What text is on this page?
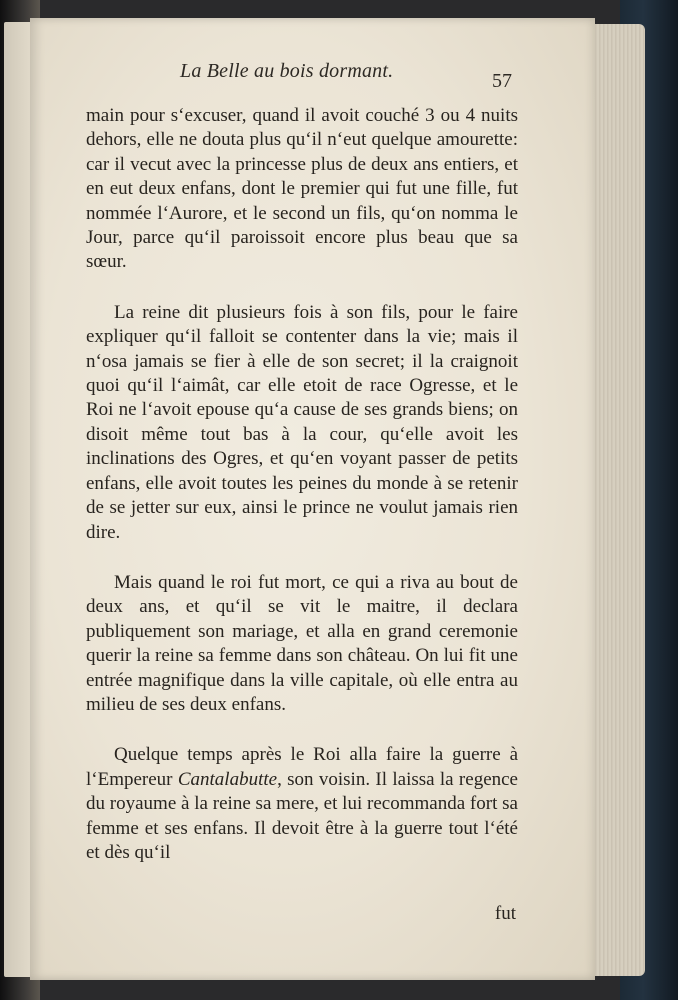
La Belle au bois dormant.	57

main pour s‘excuser, quand il avoit couché 3 ou 4 nuits dehors, elle ne douta plus qu‘il n‘eut quelque amourette: car il vecut avec la princesse plus de deux ans entiers, et en eut deux enfans, dont le premier qui fut une fille, fut nommée l‘Aurore, et le second un fils, qu‘on nomma le Jour, parce qu‘il paroissoit encore plus beau que sa sœur.

La reine dit plusieurs fois à son fils, pour le faire expliquer qu‘il falloit se contenter dans la vie; mais il n‘osa jamais se fier à elle de son secret; il la craignoit quoi qu‘il l‘aimât, car elle etoit de race Ogresse, et le Roi ne l‘avoit epouse qu‘a cause de ses grands biens; on disoit même tout bas à la cour, qu‘elle avoit les inclinations des Ogres, et qu‘en voyant passer de petits enfans, elle avoit toutes les peines du monde à se retenir de se jetter sur eux, ainsi le prince ne voulut jamais rien dire.

Mais quand le roi fut mort, ce qui a riva au bout de deux ans, et qu‘il se vit le maitre, il declara publiquement son mariage, et alla en grand ceremonie querir la reine sa femme dans son château. On lui fit une entrée magnifique dans la ville capitale, où elle entra au milieu de ses deux enfans.

Quelque temps après le Roi alla faire la guerre à l‘Empereur Cantalabutte, son voisin. Il laissa la regence du royaume à la reine sa mere, et lui recommanda fort sa femme et ses enfans. Il devoit être à la guerre tout l‘été et dès qu‘il

fut
